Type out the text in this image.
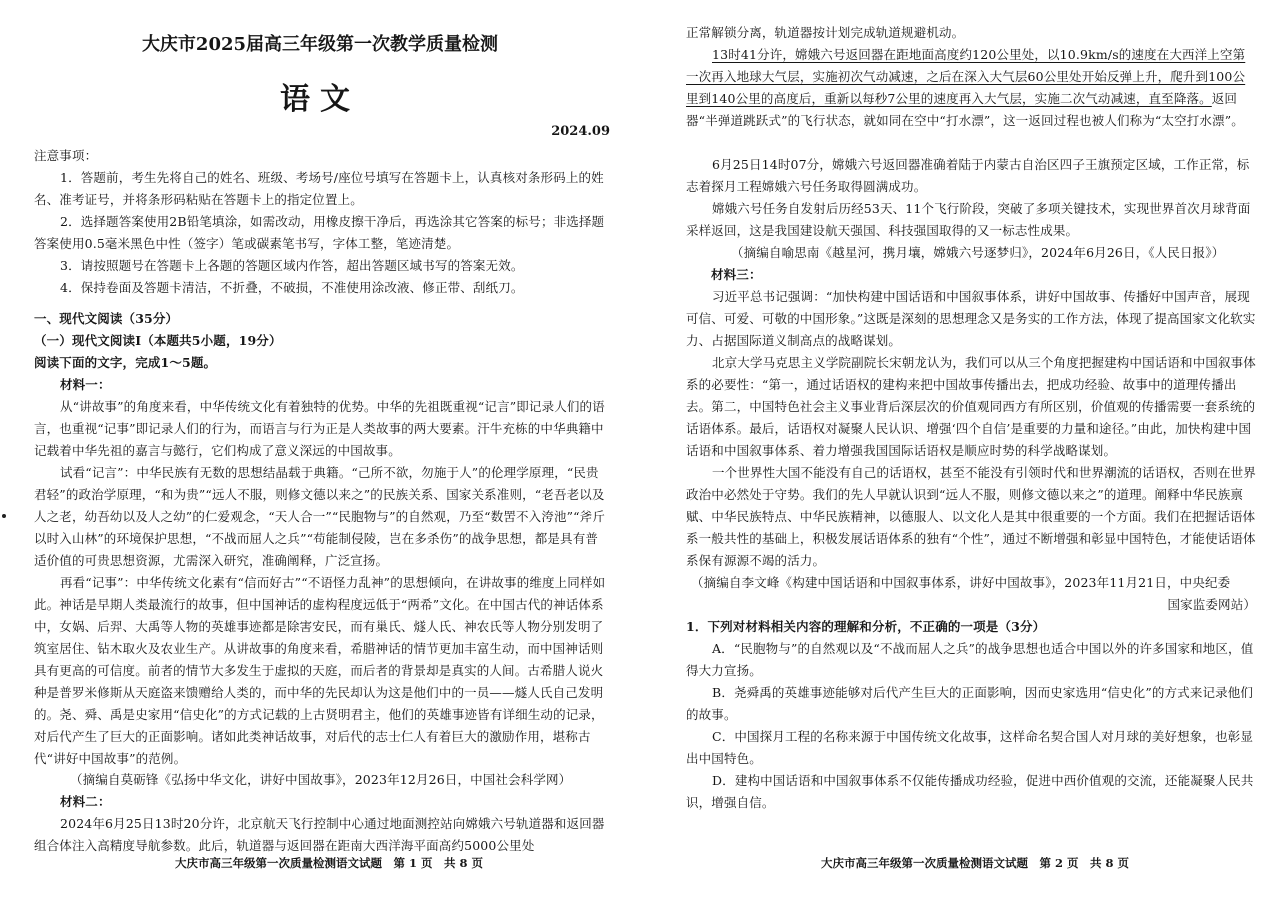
大庆市2025届高三年级第一次教学质量检测

语文

2024.09

注意事项：

1．答题前，考生先将自己的姓名、班级、考场号/座位号填写在答题卡上，认真核对条形码上的姓名、准考证号，并将条形码粘贴在答题卡上的指定位置上。

2．选择题答案使用2B铅笔填涂，如需改动，用橡皮擦干净后，再选涂其它答案的标号；非选择题答案使用0.5毫米黑色中性（签字）笔或碳素笔书写，字体工整，笔迹清楚。

3．请按照题号在答题卡上各题的答题区域内作答，超出答题区域书写的答案无效。

4．保持卷面及答题卡清洁，不折叠，不破损，不准使用涂改液、修正带、刮纸刀。

一、现代文阅读（35分）

（一）现代文阅读Ⅰ（本题共5小题，19分）

阅读下面的文字，完成1～5题。

材料一：

从“讲故事”的角度来看，中华传统文化有着独特的优势。中华的先祖既重视“记言”即记录人们的语言，也重视“记事”即记录人们的行为，而语言与行为正是人类故事的两大要素。汗牛充栋的中华典籍中记载着中华先祖的嘉言与懿行，它们构成了意义深远的中国故事。

试看“记言”：中华民族有无数的思想结晶载于典籍。“己所不欲，勿施于人”的伦理学原理，“民贵君轻”的政治学原理，“和为贵”“远人不服，则修文德以来之”的民族关系、国家关系准则，“老吾老以及人之老，幼吾幼以及人之幼”的仁爱观念，“天人合一”“民胞物与”的自然观，乃至“数罟不入洿池”“斧斤以时入山林”的环境保护思想，“不战而屈人之兵”“苟能制侵陵，岂在多杀伤”的战争思想，都是具有普适价值的可贵思想资源，尤需深入研究，准确阐释，广泛宣扬。

再看“记事”：中华传统文化素有“信而好古”“不语怪力乱神”的思想倾向，在讲故事的维度上同样如此。神话是早期人类最流行的故事，但中国神话的虚构程度远低于“两希”文化。在中国古代的神话体系中，女娲、后羿、大禹等人物的英雄事迹都是除害安民，而有巢氏、燧人氏、神农氏等人物分别发明了筑室居住、钻木取火及农业生产。从讲故事的角度来看，希腊神话的情节更加丰富生动，而中国神话则具有更高的可信度。前者的情节大多发生于虚拟的天庭，而后者的背景却是真实的人间。古希腊人说火种是普罗米修斯从天庭盗来馈赠给人类的，而中华的先民却认为这是他们中的一员——燧人氏自己发明的。尧、舜、禹是史家用“信史化”的方式记载的上古贤明君主，他们的英雄事迹皆有详细生动的记录，对后代产生了巨大的正面影响。诸如此类神话故事，对后代的志士仁人有着巨大的激励作用，堪称古代“讲好中国故事”的范例。

（摘编自莫砺锋《弘扬中华文化，讲好中国故事》，2023年12月26日，中国社会科学网）

材料二：

2024年6月25日13时20分许，北京航天飞行控制中心通过地面测控站向嫦娥六号轨道器和返回器组合体注入高精度导航参数。此后，轨道器与返回器在距南大西洋海平面高约5000公里处

大庆市高三年级第一次质量检测语文试题　第 1 页　共 8 页

正常解锁分离，轨道器按计划完成轨道规避机动。

13时41分许，嫦娥六号返回器在距地面高度约120公里处，以10.9km/s的速度在大西洋上空第一次再入地球大气层，实施初次气动减速，之后在深入大气层60公里处开始反弹上升，爬升到100公里到140公里的高度后，重新以每秒7公里的速度再入大气层，实施二次气动减速，直至降落。返回器“半弹道跳跃式”的飞行状态，就如同在空中“打水漂”，这一返回过程也被人们称为“太空打水漂”。

6月25日14时07分，嫦娥六号返回器准确着陆于内蒙古自治区四子王旗预定区域，工作正常，标志着探月工程嫦娥六号任务取得圆满成功。

嫦娥六号任务自发射后历经53天、11个飞行阶段，突破了多项关键技术，实现世界首次月球背面采样返回，这是我国建设航天强国、科技强国取得的又一标志性成果。

（摘编自喻思南《越星河，携月壤，嫦娥六号逐梦归》，2024年6月26日，《人民日报》）

材料三：

习近平总书记强调：“加快构建中国话语和中国叙事体系，讲好中国故事、传播好中国声音，展现可信、可爱、可敬的中国形象。”这既是深刻的思想理念又是务实的工作方法，体现了提高国家文化软实力、占据国际道义制高点的战略谋划。

北京大学马克思主义学院副院长宋朝龙认为，我们可以从三个角度把握建构中国话语和中国叙事体系的必要性：“第一，通过话语权的建构来把中国故事传播出去，把成功经验、故事中的道理传播出去。第二，中国特色社会主义事业背后深层次的价值观同西方有所区别，价值观的传播需要一套系统的话语体系。最后，话语权对凝聚人民认识、增强‘四个自信’是重要的力量和途径。”由此，加快构建中国话语和中国叙事体系、着力增强我国国际话语权是顺应时势的科学战略谋划。

一个世界性大国不能没有自己的话语权，甚至不能没有引领时代和世界潮流的话语权，否则在世界政治中必然处于守势。我们的先人早就认识到“远人不服，则修文德以来之”的道理。阐释中华民族禀赋、中华民族特点、中华民族精神，以德服人、以文化人是其中很重要的一个方面。我们在把握话语体系一般共性的基础上，积极发展话语体系的独有“个性”，通过不断增强和彰显中国特色，才能使话语体系保有源源不竭的活力。

（摘编自李文峰《构建中国话语和中国叙事体系，讲好中国故事》，2023年11月21日，中央纪委

国家监委网站）

1．下列对材料相关内容的理解和分析，不正确的一项是（3分）

A．“民胞物与”的自然观以及“不战而屈人之兵”的战争思想也适合中国以外的许多国家和地区，值得大力宣扬。

B．尧舜禹的英雄事迹能够对后代产生巨大的正面影响，因而史家选用“信史化”的方式来记录他们的故事。

C．中国探月工程的名称来源于中国传统文化故事，这样命名契合国人对月球的美好想象，也彰显出中国特色。

D．建构中国话语和中国叙事体系不仅能传播成功经验，促进中西价值观的交流，还能凝聚人民共识，增强自信。

大庆市高三年级第一次质量检测语文试题　第 2 页　共 8 页
